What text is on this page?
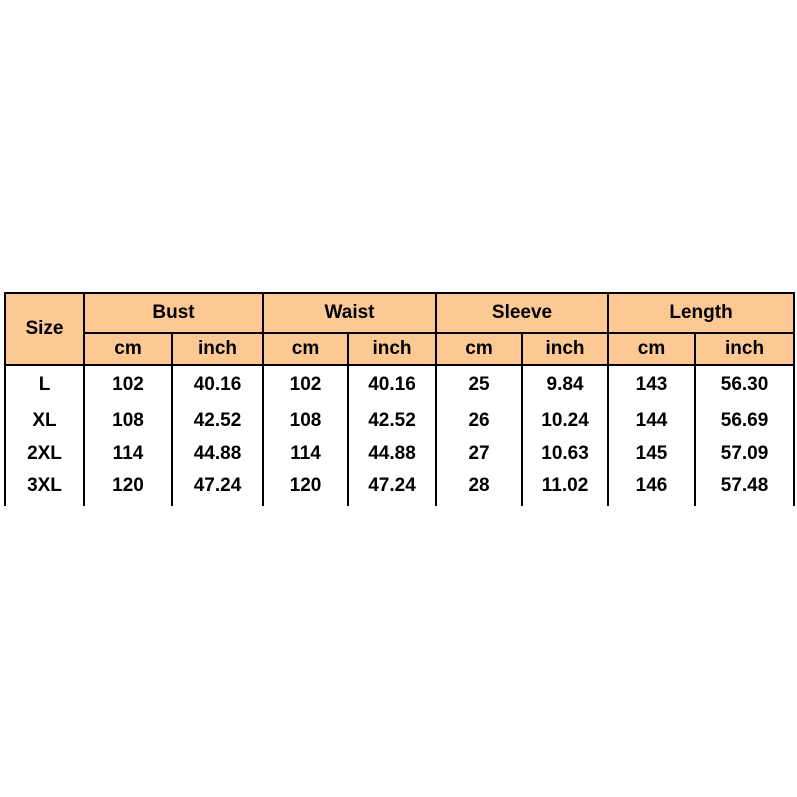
Size	Bust		Waist		Sleeve		Length	
	cm	inch	cm	inch	cm	inch	cm	inch
L	102	40.16	102	40.16	25	9.84	143	56.30
XL	108	42.52	108	42.52	26	10.24	144	56.69
2XL	114	44.88	114	44.88	27	10.63	145	57.09
3XL	120	47.24	120	47.24	28	11.02	146	57.48
